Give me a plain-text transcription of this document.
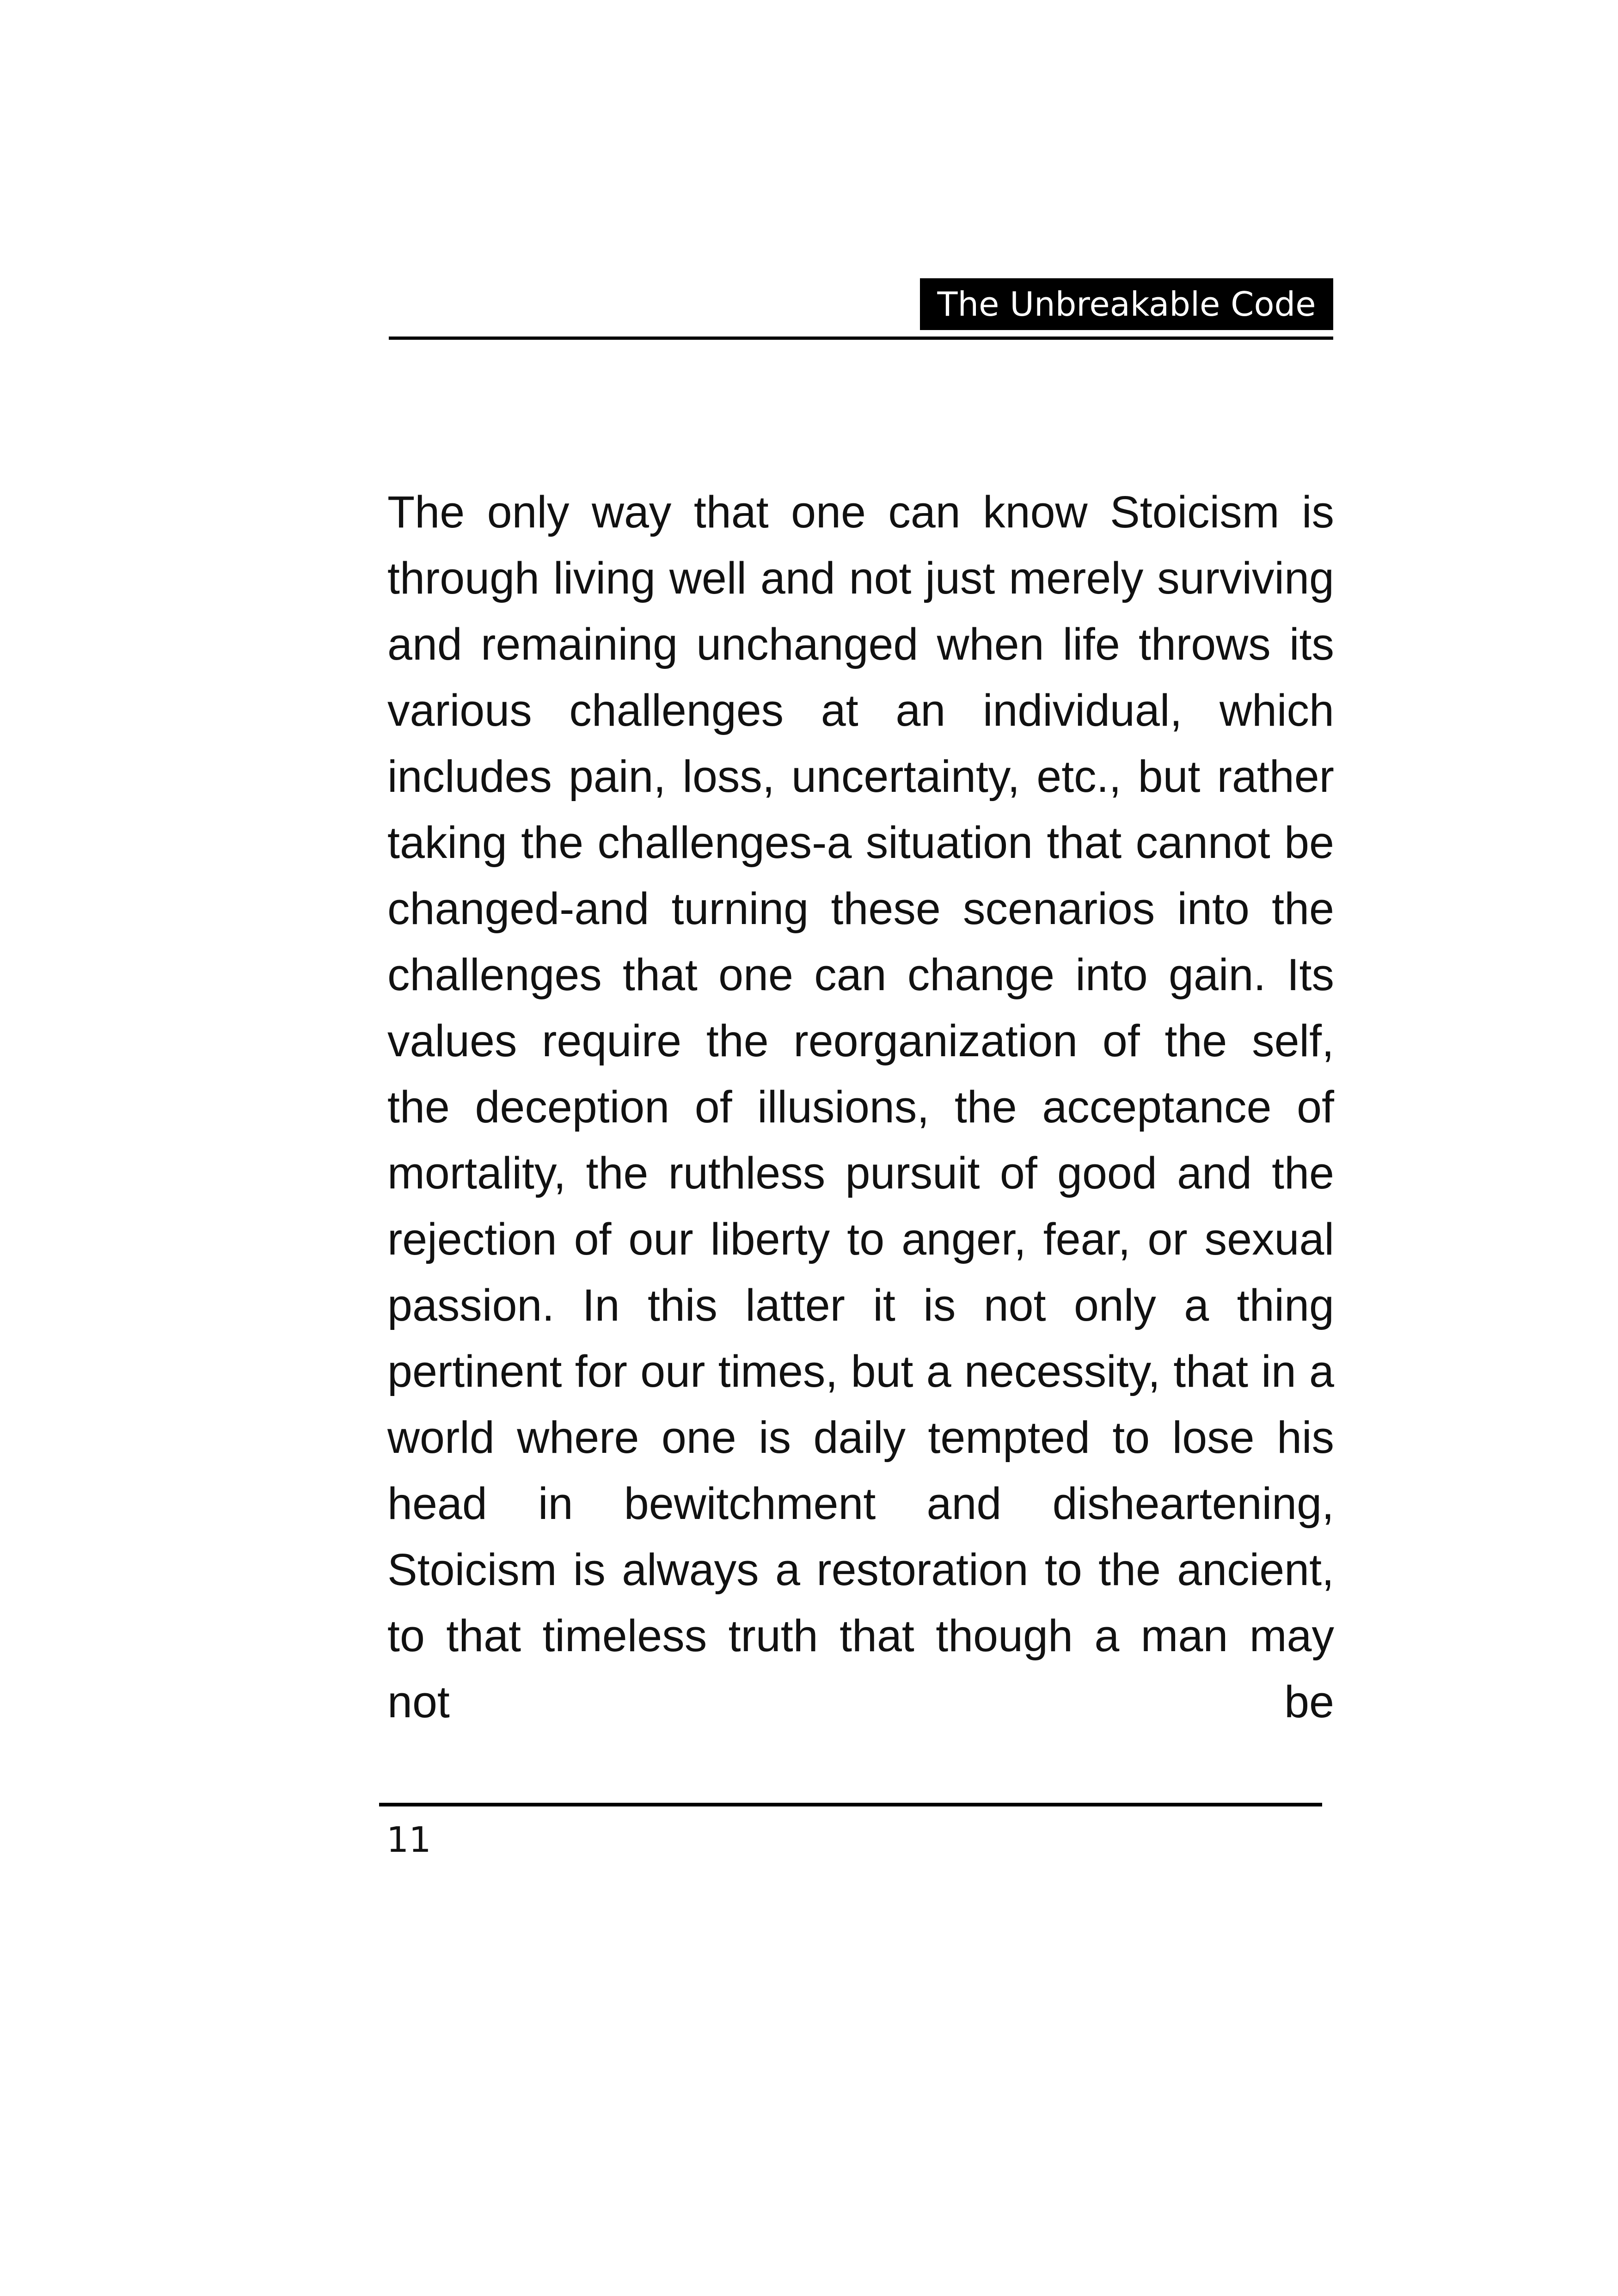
The Unbreakable Code

The only way that one can know Stoicism is through living well and not just merely surviving and remaining unchanged when life throws its various challenges at an individual, which includes pain, loss, uncertainty, etc., but rather taking the challenges-a situation that cannot be changed-and turning these scenarios into the challenges that one can change into gain. Its values require the reorganization of the self, the deception of illusions, the acceptance of mortality, the ruthless pursuit of good and the rejection of our liberty to anger, fear, or sexual passion. In this latter it is not only a thing pertinent for our times, but a necessity, that in a world where one is daily tempted to lose his head in bewitchment and disheartening, Stoicism is always a restoration to the ancient, to that timeless truth that though a man may not be

11
